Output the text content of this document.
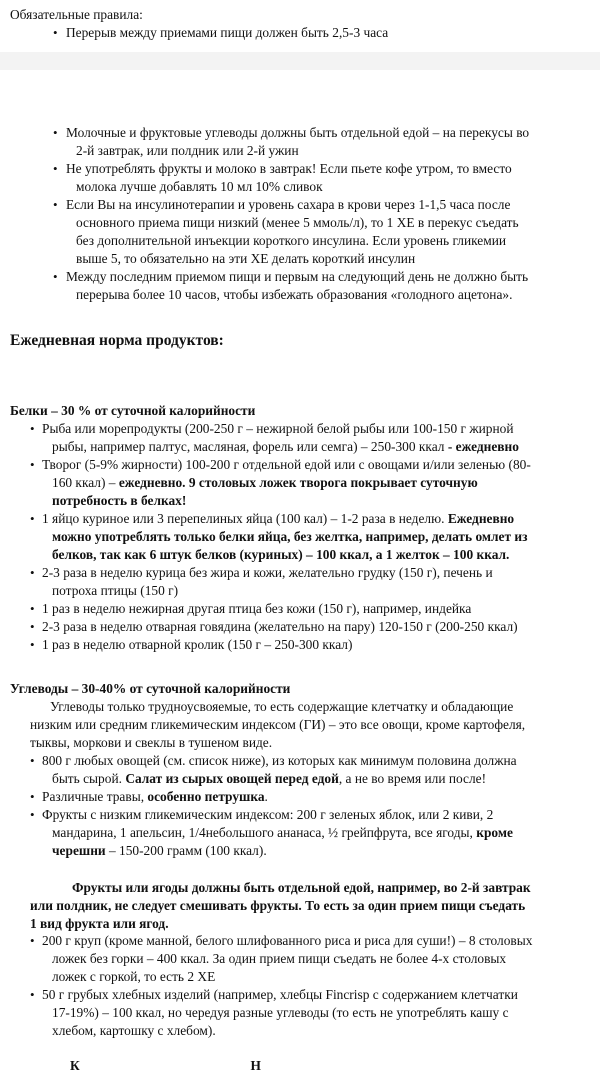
Обязательные правила:
• Перерыв между приемами пищи должен быть 2,5-3 часа
• Молочные и фруктовые углеводы должны быть отдельной едой – на перекусы во
2-й завтрак, или полдник или 2-й ужин
• Не употреблять фрукты и молоко в завтрак! Если пьете кофе утром, то вместо
молока лучше добавлять 10 мл 10% сливок
• Если Вы на инсулинотерапии и уровень сахара в крови через 1-1,5 часа после
основного приема пищи низкий (менее 5 ммоль/л), то 1 ХЕ в перекус съедать
без дополнительной инъекции короткого инсулина. Если уровень гликемии
выше 5, то обязательно на эти ХЕ делать короткий инсулин
• Между последним приемом пищи и первым на следующий день не должно быть
перерыва более 10 часов, чтобы избежать образования «голодного ацетона».
Ежедневная норма продуктов:
Белки – 30 % от суточной калорийности
• Рыба или морепродукты (200-250 г – нежирной белой рыбы или 100-150 г жирной
рыбы, например палтус, масляная, форель или семга) – 250-300 ккал - ежедневно
• Творог (5-9% жирности) 100-200 г отдельной едой или с овощами и/или зеленью (80-
160 ккал) – ежедневно. 9 столовых ложек творога покрывает суточную
потребность в белках!
• 1 яйцо куриное или 3 перепелиных яйца (100 кал) – 1-2 раза в неделю. Ежедневно
можно употреблять только белки яйца, без желтка, например, делать омлет из
белков, так как 6 штук белков (куриных) – 100 ккал, а 1 желток – 100 ккал.
• 2-3 раза в неделю курица без жира и кожи, желательно грудку (150 г), печень и
потроха птицы (150 г)
• 1 раз в неделю нежирная другая птица без кожи (150 г), например, индейка
• 2-3 раза в неделю отварная говядина (желательно на пару) 120-150 г (200-250 ккал)
• 1 раз в неделю отварной кролик (150 г – 250-300 ккал)
Углеводы – 30-40% от суточной калорийности
Углеводы только трудноусвояемые, то есть содержащие клетчатку и обладающие
низким или средним гликемическим индексом (ГИ) – это все овощи, кроме картофеля,
тыквы, моркови и свеклы в тушеном виде.
• 800 г любых овощей (см. список ниже), из которых как минимум половина должна
быть сырой. Салат из сырых овощей перед едой, а не во время или после!
• Различные травы, особенно петрушка.
• Фрукты с низким гликемическим индексом: 200 г зеленых яблок, или 2 киви, 2
мандарина, 1 апельсин, 1/4небольшого ананаса, ½ грейпфрута, все ягоды, кроме
черешни – 150-200 грамм (100 ккал).
Фрукты или ягоды должны быть отдельной едой, например, во 2-й завтрак
или полдник, не следует смешивать фрукты. То есть за один прием пищи съедать
1 вид фрукта или ягод.
• 200 г круп (кроме манной, белого шлифованного риса и риса для суши!) – 8 столовых
ложек без горки – 400 ккал. За один прием пищи съедать не более 4-х столовых
ложек с горкой, то есть 2 ХЕ
• 50 г грубых хлебных изделий (например, хлебцы Fincrisp с содержанием клетчатки
17-19%) – 100 ккал, но чередуя разные углеводы (то есть не употреблять кашу с
хлебом, картошку с хлебом).
К                                                   Н
